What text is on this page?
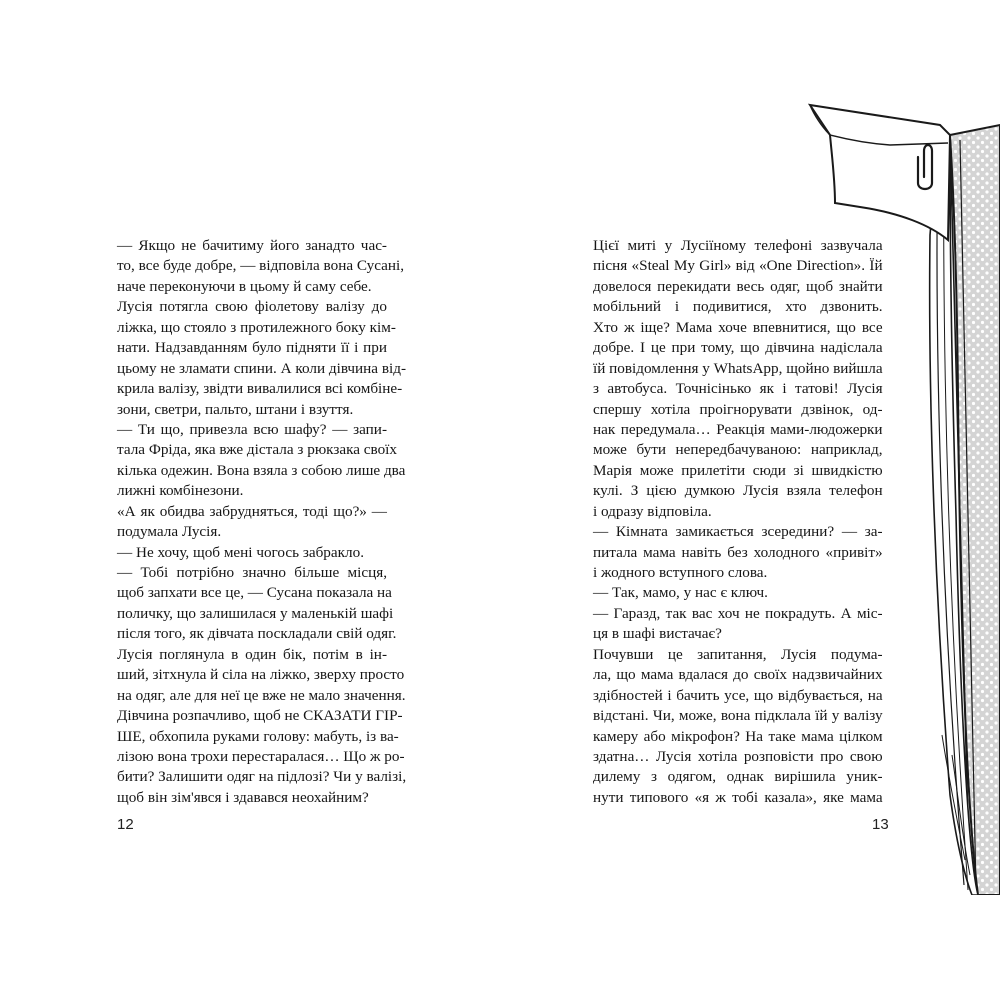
— Якщо не бачитиму його занадто час-
то, все буде добре, — відповіла вона Сусані,
наче переконуючи в цьому й саму себе.
Лусія потягла свою фіолетову валізу до
ліжка, що стояло з протилежного боку кім-
нати. Надзавданням було підняти її і при
цьому не зламати спини. А коли дівчина від-
крила валізу, звідти вивалилися всі комбіне-
зони, светри, пальто, штани і взуття.
— Ти що, привезла всю шафу? — запи-
тала Фріда, яка вже дістала з рюкзака своїх
кілька одежин. Вона взяла з собою лише два
лижні комбінезони.
«А як обидва забрудняться, тоді що?» —
подумала Лусія.
— Не хочу, щоб мені чогось забракло.
— Тобі потрібно значно більше місця,
щоб запхати все це, — Сусана показала на
поличку, що залишилася у маленькій шафі
після того, як дівчата поскладали свій одяг.
Лусія поглянула в один бік, потім в ін-
ший, зітхнула й сіла на ліжко, зверху просто
на одяг, але для неї це вже не мало значення.
Дівчина розпачливо, щоб не СКАЗАТИ ГІР-
ШЕ, обхопила руками голову: мабуть, із ва-
лізою вона трохи перестаралася… Що ж ро-
бити? Залишити одяг на підлозі? Чи у валізі,
щоб він зім'явся і здавався неохайним?
12
Цієї миті у Лусіїному телефоні зазвучала
пісня «Steal My Girl» від «One Direction». Їй
довелося перекидати весь одяг, щоб знайти
мобільний і подивитися, хто дзвонить.
Хто ж іще? Мама хоче впевнитися, що все
добре. І це при тому, що дівчина надіслала
їй повідомлення у WhatsApp, щойно вийшла
з автобуса. Точнісінько як і татові! Лусія
спершу хотіла проігнорувати дзвінок, од-
нак передумала… Реакція мами-людожерки
може бути непередбачуваною: наприклад,
Марія може прилетіти сюди зі швидкістю
кулі. З цією думкою Лусія взяла телефон
і одразу відповіла.
— Кімната замикається зсередини? — за-
питала мама навіть без холодного «привіт»
і жодного вступного слова.
— Так, мамо, у нас є ключ.
— Гаразд, так вас хоч не покрадуть. А міс-
ця в шафі вистачає?
Почувши це запитання, Лусія подума-
ла, що мама вдалася до своїх надзвичайних
здібностей і бачить усе, що відбувається, на
відстані. Чи, може, вона підклала їй у валізу
камеру або мікрофон? На таке мама цілком
здатна… Лусія хотіла розповісти про свою
дилему з одягом, однак вирішила уник-
нути типового «я ж тобі казала», яке мама
13
